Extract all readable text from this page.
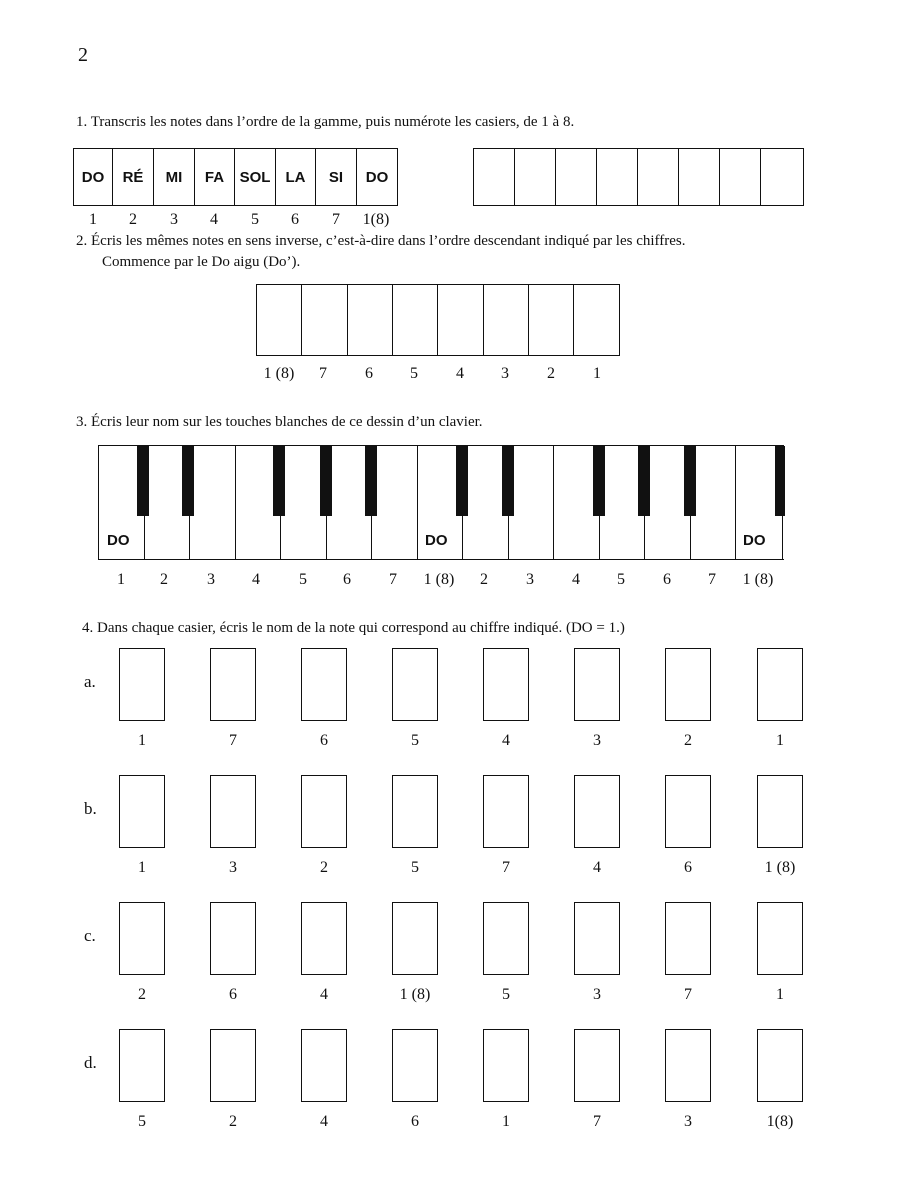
2
1. Transcris les notes dans l’ordre de la gamme, puis numérote les casiers, de 1 à 8.
DO	RÉ	MI	FA	SOL	LA	SI	DO
1	2	3	4	5	6	7	1(8)
2. Écris les mêmes notes en sens inverse, c’est-à-dire dans l’ordre descendant indiqué par les chiffres.
Commence par le Do aigu (Do’).
1 (8)	7	6	5	4	3	2	1
3. Écris leur nom sur les touches blanches de ce dessin d’un clavier.
DO	DO	DO
1	2	3	4	5	6	7	1 (8)	2	3	4	5	6	7	1 (8)
4. Dans chaque casier, écris le nom de la note qui correspond au chiffre indiqué. (DO = 1.)
a.
1	7	6	5	4	3	2	1
b.
1	3	2	5	7	4	6	1 (8)
c.
2	6	4	1 (8)	5	3	7	1
d.
5	2	4	6	1	7	3	1(8)
